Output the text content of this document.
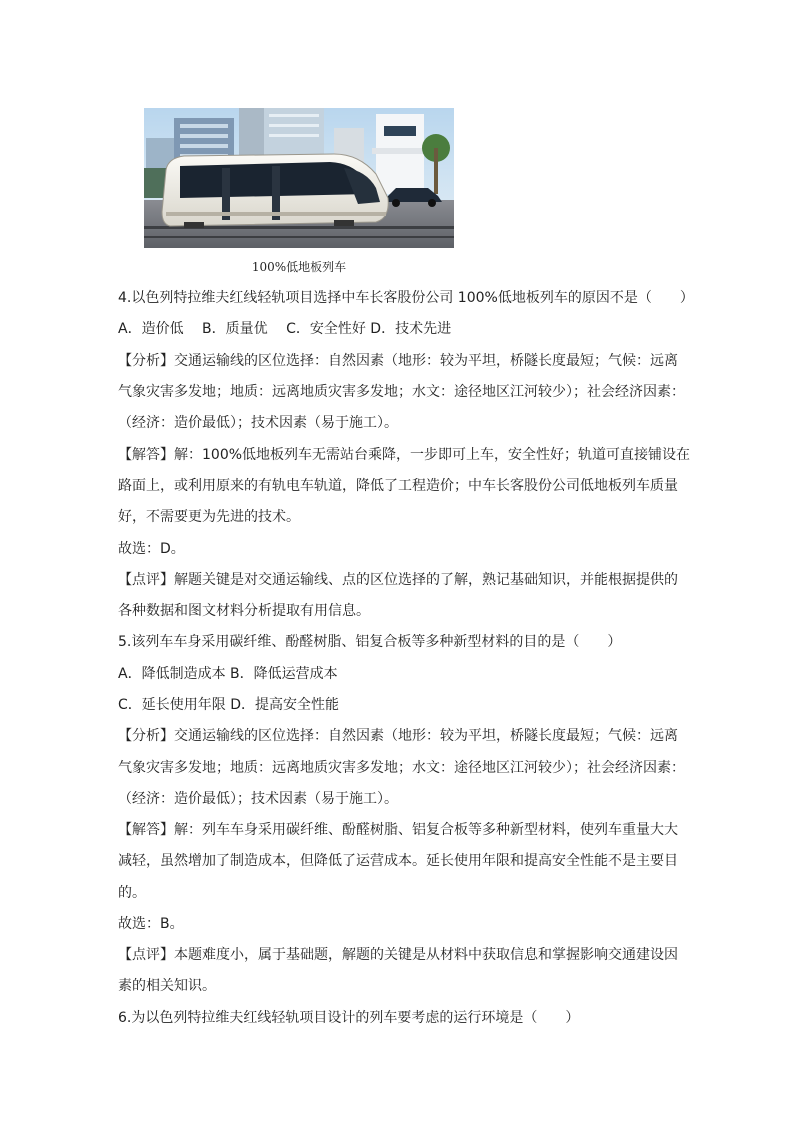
100%低地板列车
4.以色列特拉维夫红线轻轨项目选择中车长客股份公司 100%低地板列车的原因不是（　　）
A．造价低　 B．质量优　 C．安全性好 D．技术先进
【分析】交通运输线的区位选择：自然因素（地形：较为平坦，桥隧长度最短；气候：远离
气象灾害多发地；地质：远离地质灾害多发地；水文：途径地区江河较少）；社会经济因素：
（经济：造价最低）；技术因素（易于施工）。
【解答】解：100%低地板列车无需站台乘降，一步即可上车，安全性好；轨道可直接铺设在
路面上，或利用原来的有轨电车轨道，降低了工程造价；中车长客股份公司低地板列车质量
好，不需要更为先进的技术。
故选：D。
【点评】解题关键是对交通运输线、点的区位选择的了解，熟记基础知识，并能根据提供的
各种数据和图文材料分析提取有用信息。
5.该列车车身采用碳纤维、酚醛树脂、铝复合板等多种新型材料的目的是（　　）
A．降低制造成本 B．降低运营成本
C．延长使用年限 D．提高安全性能
【分析】交通运输线的区位选择：自然因素（地形：较为平坦，桥隧长度最短；气候：远离
气象灾害多发地；地质：远离地质灾害多发地；水文：途径地区江河较少）；社会经济因素：
（经济：造价最低）；技术因素（易于施工）。
【解答】解：列车车身采用碳纤维、酚醛树脂、铝复合板等多种新型材料，使列车重量大大
减轻，虽然增加了制造成本，但降低了运营成本。延长使用年限和提高安全性能不是主要目
的。
故选：B。
【点评】本题难度小，属于基础题，解题的关键是从材料中获取信息和掌握影响交通建设因
素的相关知识。
6.为以色列特拉维夫红线轻轨项目设计的列车要考虑的运行环境是（　　）
